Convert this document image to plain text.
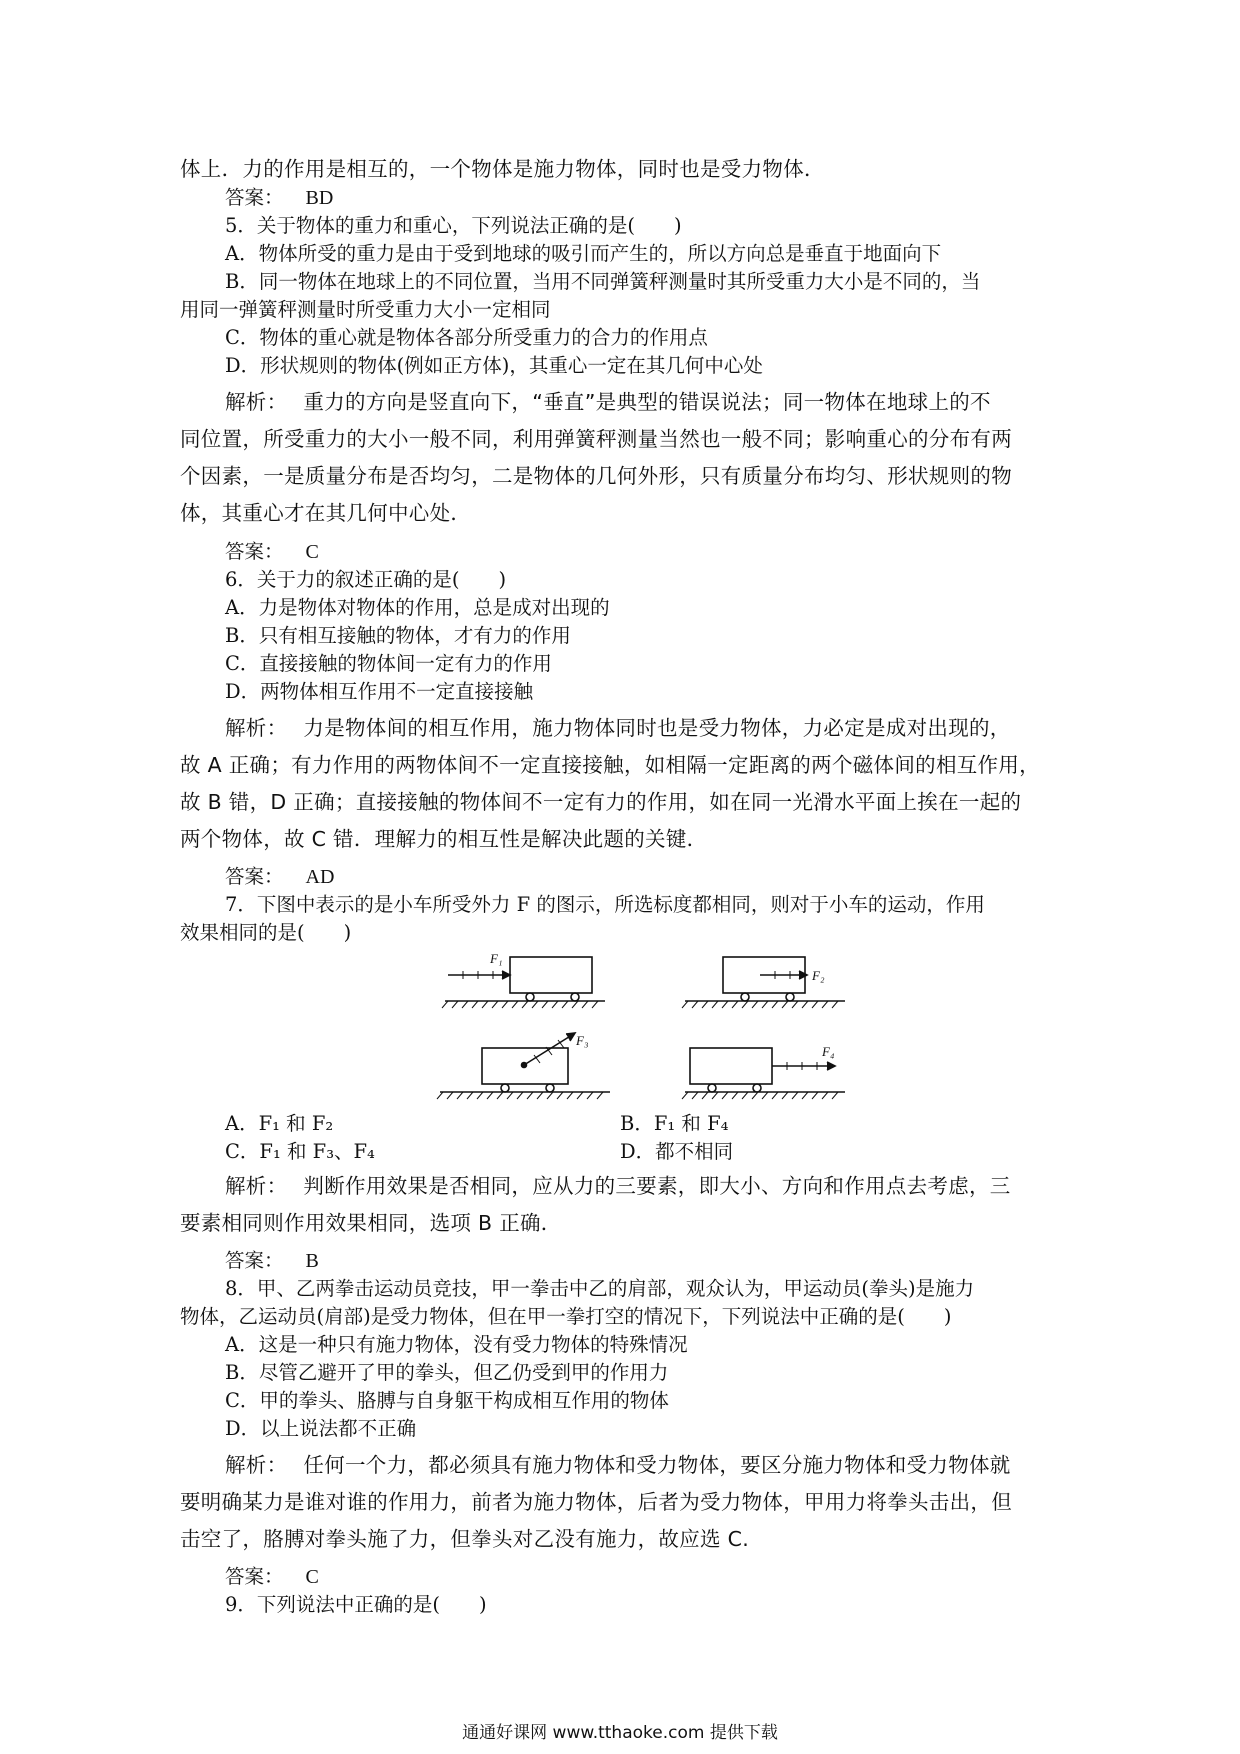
体上．力的作用是相互的，一个物体是施力物体，同时也是受力物体．
答案： BD
5．关于物体的重力和重心，下列说法正确的是(　　)
A．物体所受的重力是由于受到地球的吸引而产生的，所以方向总是垂直于地面向下
B．同一物体在地球上的不同位置，当用不同弹簧秤测量时其所受重力大小是不同的，当
用同一弹簧秤测量时所受重力大小一定相同
C．物体的重心就是物体各部分所受重力的合力的作用点
D．形状规则的物体(例如正方体)，其重心一定在其几何中心处
解析： 重力的方向是竖直向下，“垂直”是典型的错误说法；同一物体在地球上的不
同位置，所受重力的大小一般不同，利用弹簧秤测量当然也一般不同；影响重心的分布有两
个因素，一是质量分布是否均匀，二是物体的几何外形，只有质量分布均匀、形状规则的物
体，其重心才在其几何中心处．
答案： C
6．关于力的叙述正确的是(　　)
A．力是物体对物体的作用，总是成对出现的
B．只有相互接触的物体，才有力的作用
C．直接接触的物体间一定有力的作用
D．两物体相互作用不一定直接接触
解析： 力是物体间的相互作用，施力物体同时也是受力物体，力必定是成对出现的，
故 A 正确；有力作用的两物体间不一定直接接触，如相隔一定距离的两个磁体间的相互作用，
故 B 错，D 正确；直接接触的物体间不一定有力的作用，如在同一光滑水平面上挨在一起的
两个物体，故 C 错．理解力的相互性是解决此题的关键．
答案： AD
7．下图中表示的是小车所受外力 F 的图示，所选标度都相同，则对于小车的运动，作用
效果相同的是(　　)
F₁
F₂
F₃
F₄
A．F₁ 和 F₂	B．F₁ 和 F₄
C．F₁ 和 F₃、F₄	D．都不相同
解析： 判断作用效果是否相同，应从力的三要素，即大小、方向和作用点去考虑，三
要素相同则作用效果相同，选项 B 正确．
答案： B
8．甲、乙两拳击运动员竞技，甲一拳击中乙的肩部，观众认为，甲运动员(拳头)是施力
物体，乙运动员(肩部)是受力物体，但在甲一拳打空的情况下，下列说法中正确的是(　　)
A．这是一种只有施力物体，没有受力物体的特殊情况
B．尽管乙避开了甲的拳头，但乙仍受到甲的作用力
C．甲的拳头、胳膊与自身躯干构成相互作用的物体
D．以上说法都不正确
解析： 任何一个力，都必须具有施力物体和受力物体，要区分施力物体和受力物体就
要明确某力是谁对谁的作用力，前者为施力物体，后者为受力物体，甲用力将拳头击出，但
击空了，胳膊对拳头施了力，但拳头对乙没有施力，故应选 C.
答案： C
9．下列说法中正确的是(　　)
通通好课网 www.tthaoke.com 提供下载
